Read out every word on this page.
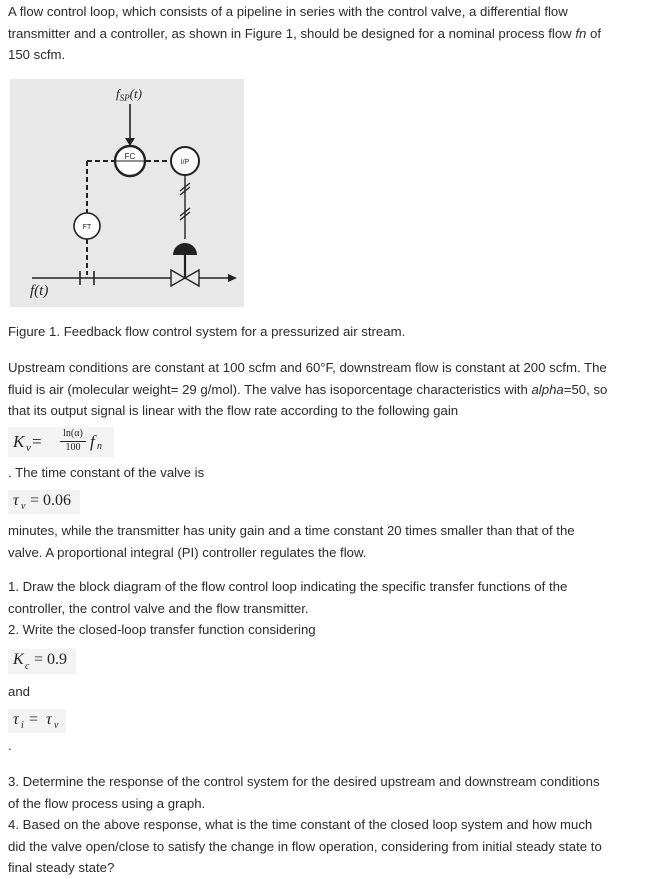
A flow control loop, which consists of a pipeline in series with the control valve, a differential flow
transmitter and a controller, as shown in Figure 1, should be designed for a nominal process flow fn of
150 scfm.
$f_{SP}(t)$
FC
I/P
FT
f(t)
Figure 1. Feedback flow control system for a pressurized air stream.
Upstream conditions are constant at 100 scfm and 60°F, downstream flow is constant at 200 scfm. The
fluid is air (molecular weight= 29 g/mol). The valve has isoporcentage characteristics with alpha=50, so
that its output signal is linear with the flow rate according to the following gain
K v =	ln(α)
100 f n
. The time constant of the valve is
τ v = 0.06
minutes, while the transmitter has unity gain and a time constant 20 times smaller than that of the
valve. A proportional integral (PI) controller regulates the flow.
1. Draw the block diagram of the flow control loop indicating the specific transfer functions of the
controller, the control valve and the flow transmitter.
2. Write the closed-loop transfer function considering
K c = 0.9
and
τ i = τ v
.
3. Determine the response of the control system for the desired upstream and downstream conditions
of the flow process using a graph.
4. Based on the above response, what is the time constant of the closed loop system and how much
did the valve open/close to satisfy the change in flow operation, considering from initial steady state to
final steady state?
